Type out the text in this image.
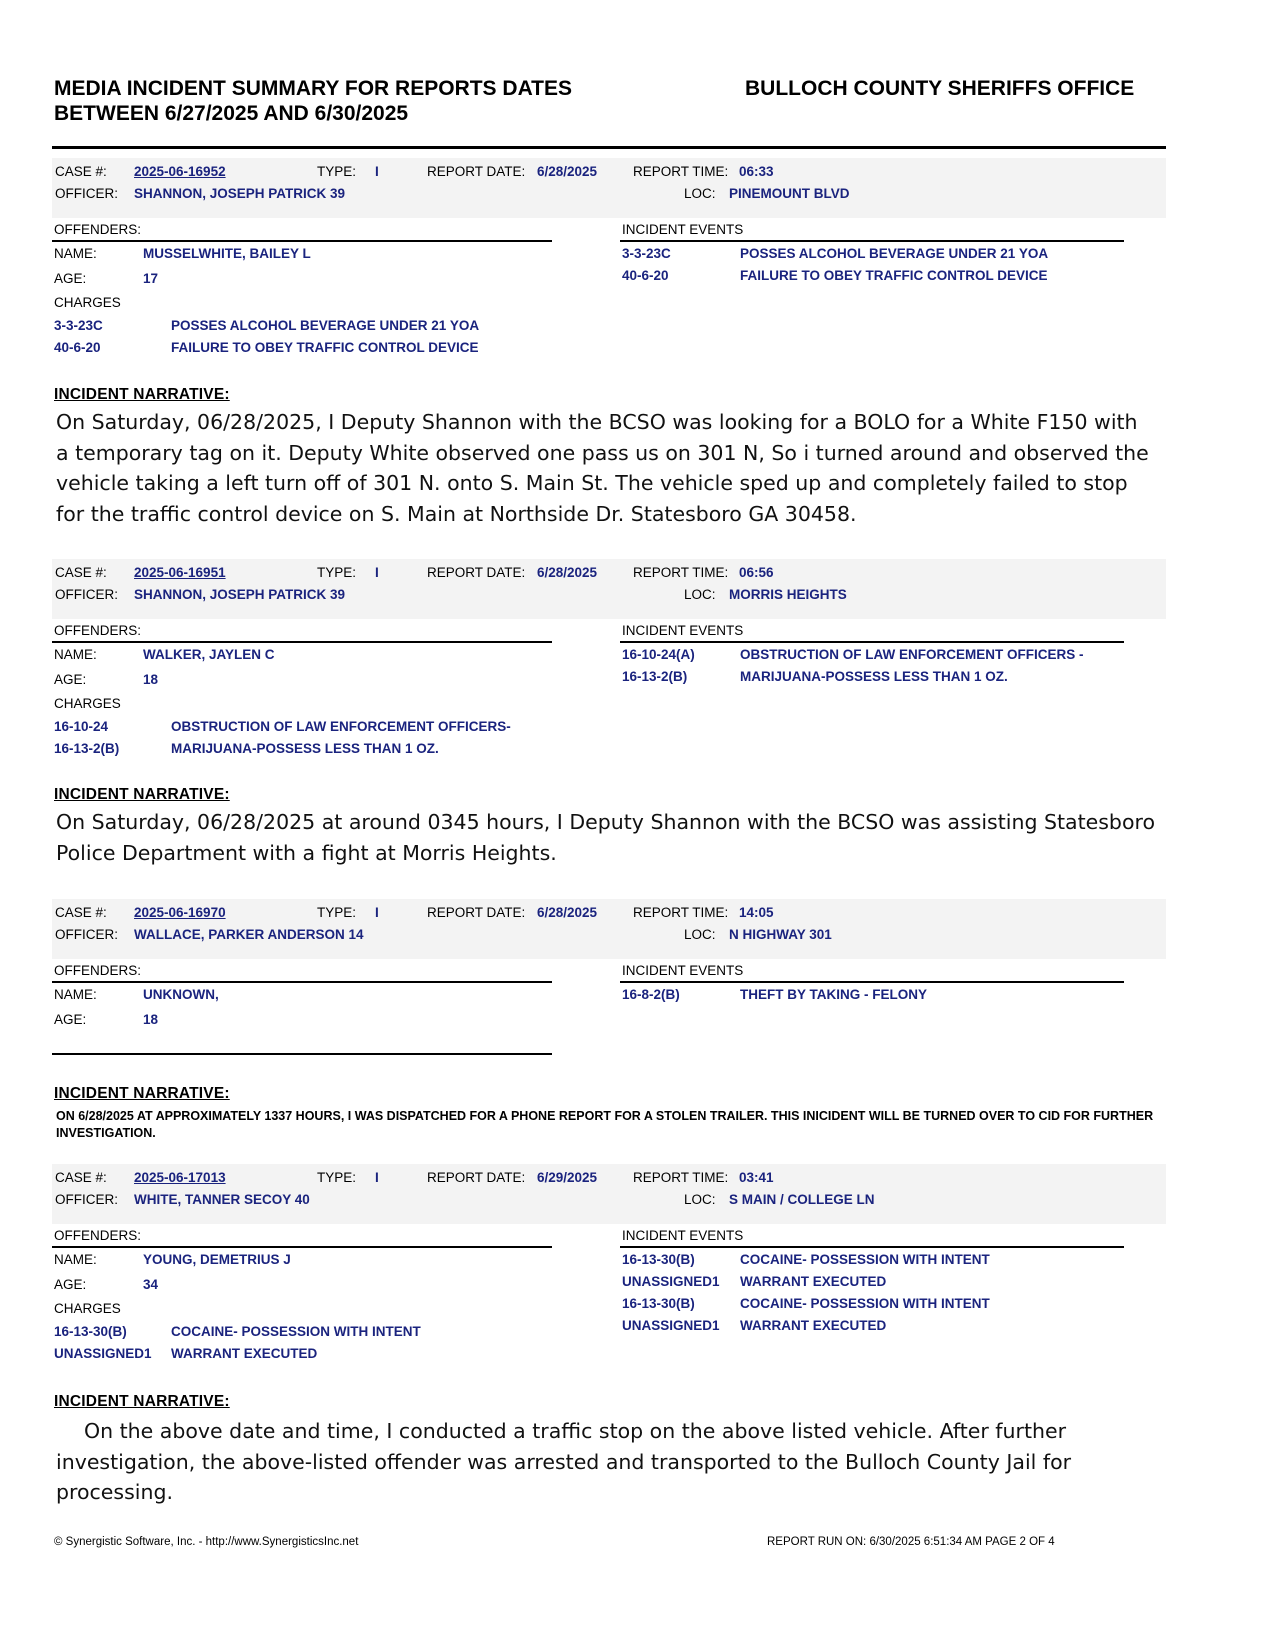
MEDIA INCIDENT SUMMARY FOR REPORTS DATES
BETWEEN 6/27/2025 AND 6/30/2025
BULLOCH COUNTY SHERIFFS OFFICE
CASE #: 2025-06-16952	TYPE: I	REPORT DATE: 6/28/2025	REPORT TIME: 06:33
OFFICER: SHANNON, JOSEPH PATRICK 39	LOC: PINEMOUNT BLVD
OFFENDERS:
NAME:	MUSSELWHITE, BAILEY L
AGE:	17
CHARGES
3-3-23C	POSSES ALCOHOL BEVERAGE UNDER 21 YOA
40-6-20	FAILURE TO OBEY TRAFFIC CONTROL DEVICE
INCIDENT EVENTS
3-3-23C	POSSES ALCOHOL BEVERAGE UNDER 21 YOA
40-6-20	FAILURE TO OBEY TRAFFIC CONTROL DEVICE
INCIDENT NARRATIVE:
On Saturday, 06/28/2025, I Deputy Shannon with the BCSO was looking for a BOLO for a White F150 with a temporary tag on it. Deputy White observed one pass us on 301 N, So i turned around and observed the vehicle taking a left turn off of 301 N. onto S. Main St. The vehicle sped up and completely failed to stop for the traffic control device on S. Main at Northside Dr. Statesboro GA 30458.
CASE #: 2025-06-16951	TYPE: I	REPORT DATE: 6/28/2025	REPORT TIME: 06:56
OFFICER: SHANNON, JOSEPH PATRICK 39	LOC: MORRIS HEIGHTS
OFFENDERS:
NAME:	WALKER, JAYLEN C
AGE:	18
CHARGES
16-10-24	OBSTRUCTION OF LAW ENFORCEMENT OFFICERS-
16-13-2(B)	MARIJUANA-POSSESS LESS THAN 1 OZ.
INCIDENT EVENTS
16-10-24(A)	OBSTRUCTION OF LAW ENFORCEMENT OFFICERS -
16-13-2(B)	MARIJUANA-POSSESS LESS THAN 1 OZ.
INCIDENT NARRATIVE:
On Saturday, 06/28/2025 at around 0345 hours, I Deputy Shannon with the BCSO was assisting Statesboro Police Department with a fight at Morris Heights.
CASE #: 2025-06-16970	TYPE: I	REPORT DATE: 6/28/2025	REPORT TIME: 14:05
OFFICER: WALLACE, PARKER ANDERSON 14	LOC: N HIGHWAY 301
OFFENDERS:
NAME:	UNKNOWN,
AGE:	18
INCIDENT EVENTS
16-8-2(B)	THEFT BY TAKING - FELONY
INCIDENT NARRATIVE:
ON 6/28/2025 AT APPROXIMATELY 1337 HOURS, I WAS DISPATCHED FOR A PHONE REPORT FOR A STOLEN TRAILER. THIS INICIDENT WILL BE TURNED OVER TO CID FOR FURTHER INVESTIGATION.
CASE #: 2025-06-17013	TYPE: I	REPORT DATE: 6/29/2025	REPORT TIME: 03:41
OFFICER: WHITE, TANNER SECOY 40	LOC: S MAIN / COLLEGE LN
OFFENDERS:
NAME:	YOUNG, DEMETRIUS J
AGE:	34
CHARGES
16-13-30(B)	COCAINE- POSSESSION WITH INTENT
UNASSIGNED1 WARRANT EXECUTED
INCIDENT EVENTS
16-13-30(B)	COCAINE- POSSESSION WITH INTENT
UNASSIGNED1 WARRANT EXECUTED
16-13-30(B)	COCAINE- POSSESSION WITH INTENT
UNASSIGNED1 WARRANT EXECUTED
INCIDENT NARRATIVE:
On the above date and time, I conducted a traffic stop on the above listed vehicle. After further investigation, the above-listed offender was arrested and transported to the Bulloch County Jail for processing.
© Synergistic Software, Inc. - http://www.SynergisticsInc.net	REPORT RUN ON: 6/30/2025 6:51:34 AM PAGE 2 OF 4
